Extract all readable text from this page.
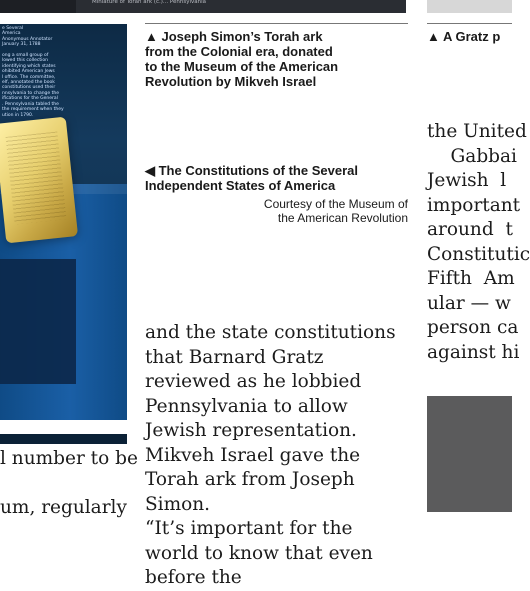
Miniature of Torah ark (c.)... Pennsylvania
e Several
America
Anonymous Annotator
January 31, 1788

ong a small group of
lowed this collection
identifying which states
ohibited American Jews
l office. The committee,
elf, annotated the book
constitutions used their
nnsylvania to change the
ifications for the General
. Pennsylvania tabled the
the requirement when they
ution in 1790.
▲ Joseph Simon’s Torah ark
from the Colonial era, donated
to the Museum of the American
Revolution by Mikveh Israel
◀ The Constitutions of the Several
Independent States of America
Courtesy of the Museum of
the American Revolution
▲ A Gratz p
l number to be

um, regularly
and the state constitutions that Barnard Gratz reviewed as he lobbied Pennsylvania to allow Jewish representation. Mikveh Israel gave the Torah ark from Joseph Simon.
“It’s important for the world to know that even before the
the United
Gabbai
Jewish  l
important
around  t
Constitutic
Fifth  Am
ular — w
person ca
against hi
